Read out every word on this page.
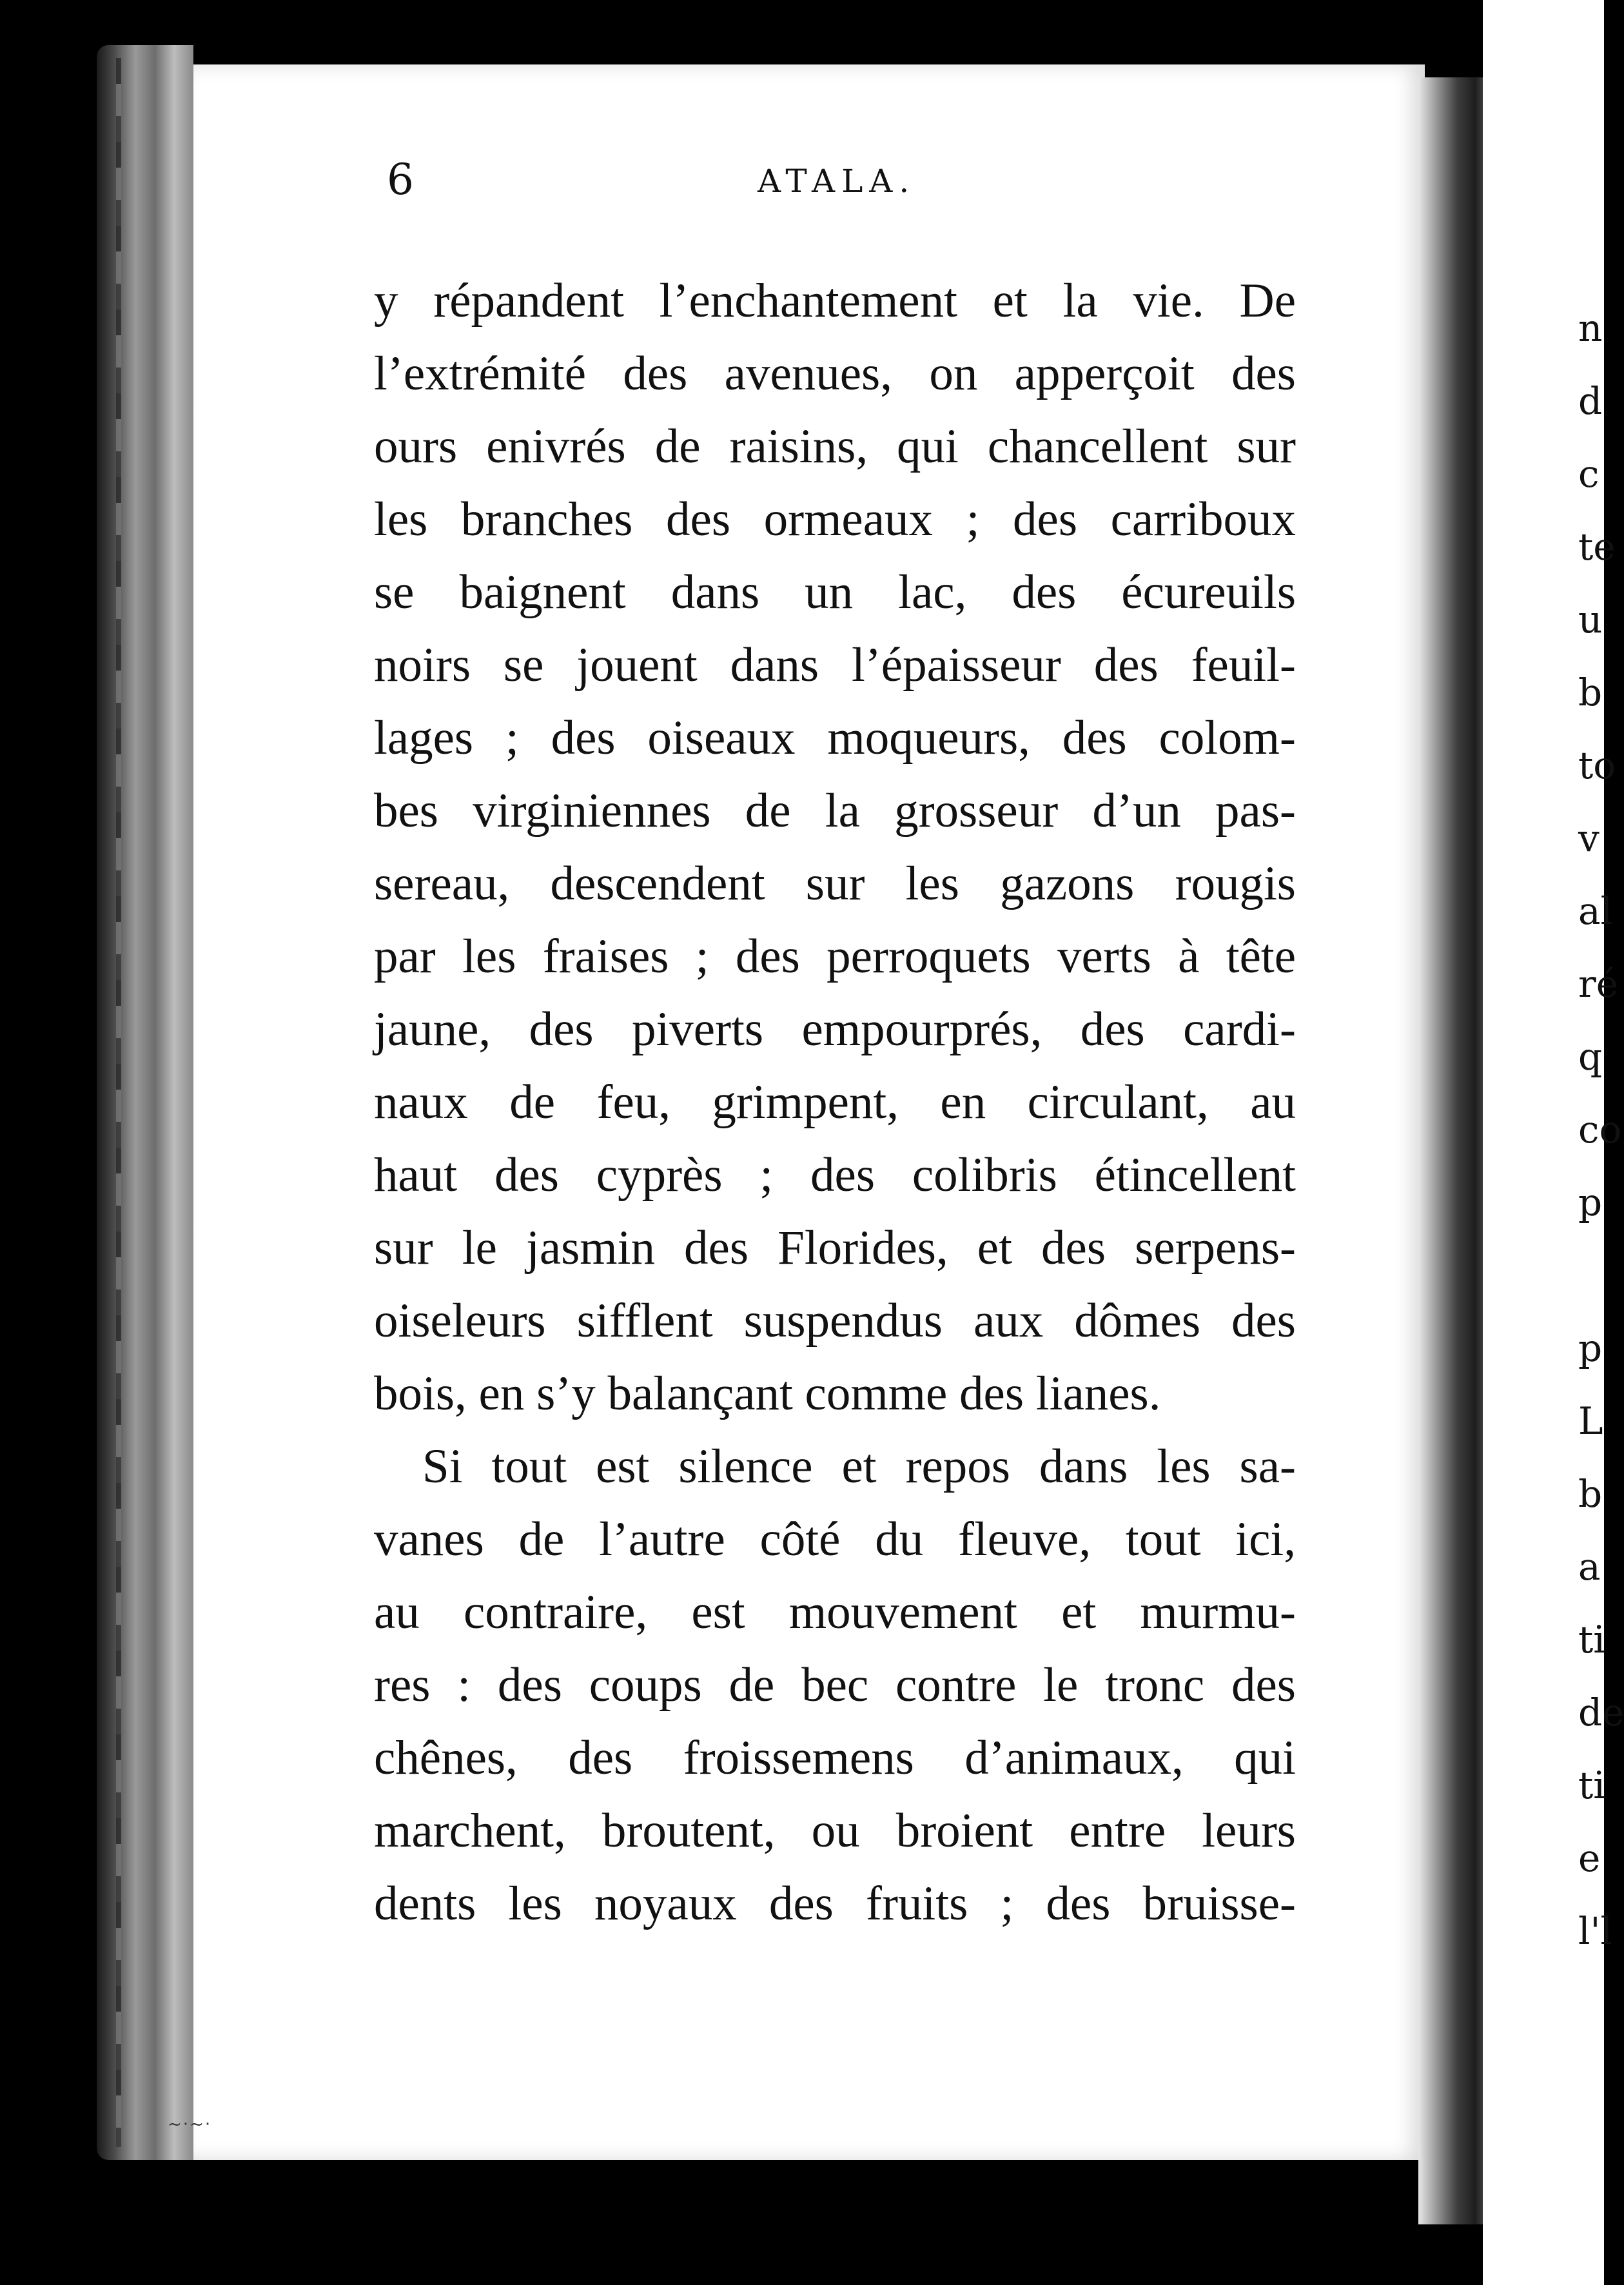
n
d
c
te
u
b
to
v
al
ré
q
co
p
p
L
b
a
ti
de
ti
e
l'l
6	ATALA.
y répandent l’enchantement et la vie. De
l’extrémité des avenues, on apperçoit des
ours enivrés de raisins, qui chancellent sur
les branches des ormeaux ; des carriboux
se baignent dans un lac, des écureuils
noirs se jouent dans l’épaisseur des feuil-
lages ; des oiseaux moqueurs, des colom-
bes virginiennes de la grosseur d’un pas-
sereau, descendent sur les gazons rougis
par les fraises ; des perroquets verts à tête
jaune, des piverts empourprés, des cardi-
naux de feu, grimpent, en circulant, au
haut des cyprès ; des colibris étincellent
sur le jasmin des Florides, et des serpens-
oiseleurs sifflent suspendus aux dômes des
bois, en s’y balançant comme des lianes.
Si tout est silence et repos dans les sa-
vanes de l’autre côté du fleuve, tout ici,
au contraire, est mouvement et murmu-
res : des coups de bec contre le tronc des
chênes, des froissemens d’animaux, qui
marchent, broutent, ou broient entre leurs
dents les noyaux des fruits ; des bruisse-
~·~·
